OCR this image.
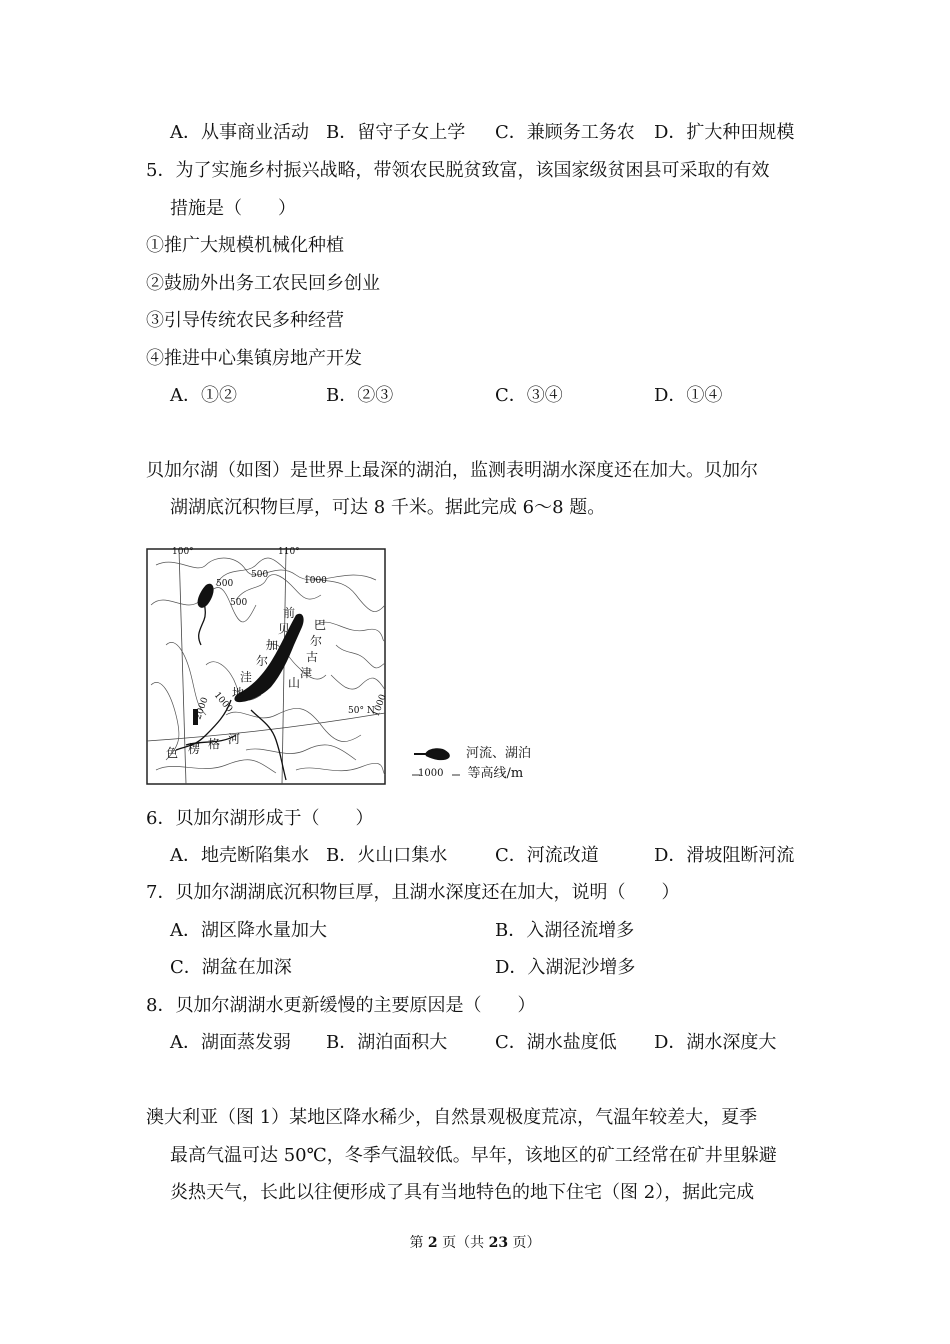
A．从事商业活动 B．留守子女上学 C．兼顾务工务农 D．扩大种田规模
5．为了实施乡村振兴战略，带领农民脱贫致富，该国家级贫困县可采取的有效
措施是（　　）
①推广大规模机械化种植
②鼓励外出务工农民回乡创业
③引导传统农民多种经营
④推进中心集镇房地产开发
A．①②	B．②③	C．③④	D．①④
贝加尔湖（如图）是世界上最深的湖泊，监测表明湖水深度还在加大。贝加尔
湖湖底沉积物巨厚，可达 8 千米。据此完成 6～8 题。
100°	110°
50° N
500
500
500
1000
1000
2000	1000
前
贝
加
尔
洼
地
巴
尔
古
津
山
色 楞 格 河
河流、湖泊
1000 等高线/m
6．贝加尔湖形成于（　　）
A．地壳断陷集水 B．火山口集水	C．河流改道	D．滑坡阻断河流
7．贝加尔湖湖底沉积物巨厚，且湖水深度还在加大，说明（　　）
A．湖区降水量加大	B．入湖径流增多
C．湖盆在加深	D．入湖泥沙增多
8．贝加尔湖湖水更新缓慢的主要原因是（　　）
A．湖面蒸发弱 B．湖泊面积大	C．湖水盐度低 D．湖水深度大
澳大利亚（图 1）某地区降水稀少，自然景观极度荒凉，气温年较差大，夏季
最高气温可达 50℃，冬季气温较低。早年，该地区的矿工经常在矿井里躲避
炎热天气，长此以往便形成了具有当地特色的地下住宅（图 2），据此完成
第 2 页（共 23 页）
